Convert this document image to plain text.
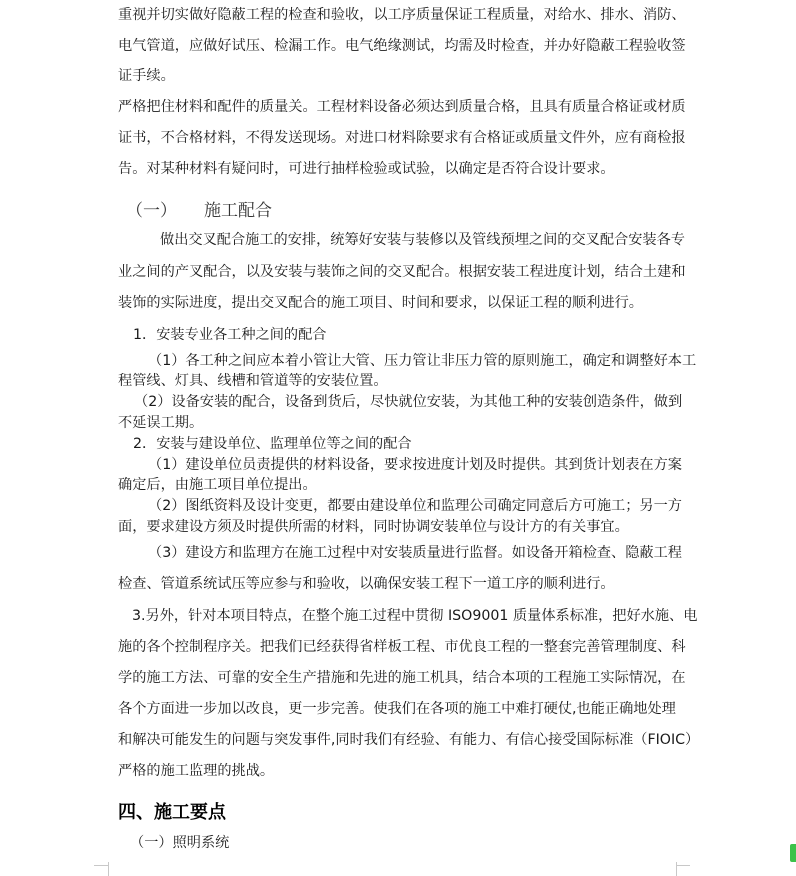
重视并切实做好隐蔽工程的检查和验收，以工序质量保证工程质量，对给水、排水、消防、
电气管道，应做好试压、检漏工作。电气绝缘测试，均需及时检查，并办好隐蔽工程验收签
证手续。
严格把住材料和配件的质量关。工程材料设备必须达到质量合格，且具有质量合格证或材质
证书，不合格材料，不得发送现场。对进口材料除要求有合格证或质量文件外，应有商检报
告。对某种材料有疑问时，可进行抽样检验或试验，以确定是否符合设计要求。
（一） 施工配合
做出交叉配合施工的安排，统筹好安装与装修以及管线预埋之间的交叉配合安装各专
业之间的产叉配合，以及安装与装饰之间的交叉配合。根据安装工程进度计划，结合土建和
装饰的实际进度，提出交叉配合的施工项目、时间和要求，以保证工程的顺利进行。
1．安装专业各工种之间的配合
（1）各工种之间应本着小管让大管、压力管让非压力管的原则施工，确定和调整好本工
程管线、灯具、线槽和管道等的安装位置。
（2）设备安装的配合，设备到货后，尽快就位安装，为其他工种的安装创造条件，做到
不延误工期。
2．安装与建设单位、监理单位等之间的配合
（1）建设单位员责提供的材料设备，要求按进度计划及时提供。其到货计划表在方案
确定后，由施工项目单位提出。
（2）图纸资料及设计变更，都要由建设单位和监理公司确定同意后方可施工；另一方
面，要求建设方须及时提供所需的材料，同时协调安装单位与设计方的有关事宜。
（3）建设方和监理方在施工过程中对安装质量进行监督。如设备开箱检查、隐蔽工程
检查、管道系统试压等应参与和验收，以确保安装工程下一道工序的顺利进行。
3.另外，针对本项目特点，在整个施工过程中贯彻 ISO9001 质量体系标准，把好水施、电
施的各个控制程序关。把我们已经获得省样板工程、市优良工程的一整套完善管理制度、科
学的施工方法、可靠的安全生产措施和先进的施工机具，结合本项的工程施工实际情况，在
各个方面进一步加以改良，更一步完善。使我们在各项的施工中难打硬仗,也能正确地处理
和解决可能发生的问题与突发事件,同时我们有经验、有能力、有信心接受国际标准（FIOIC）
严格的施工监理的挑战。
四、施工要点
（一）照明系统
